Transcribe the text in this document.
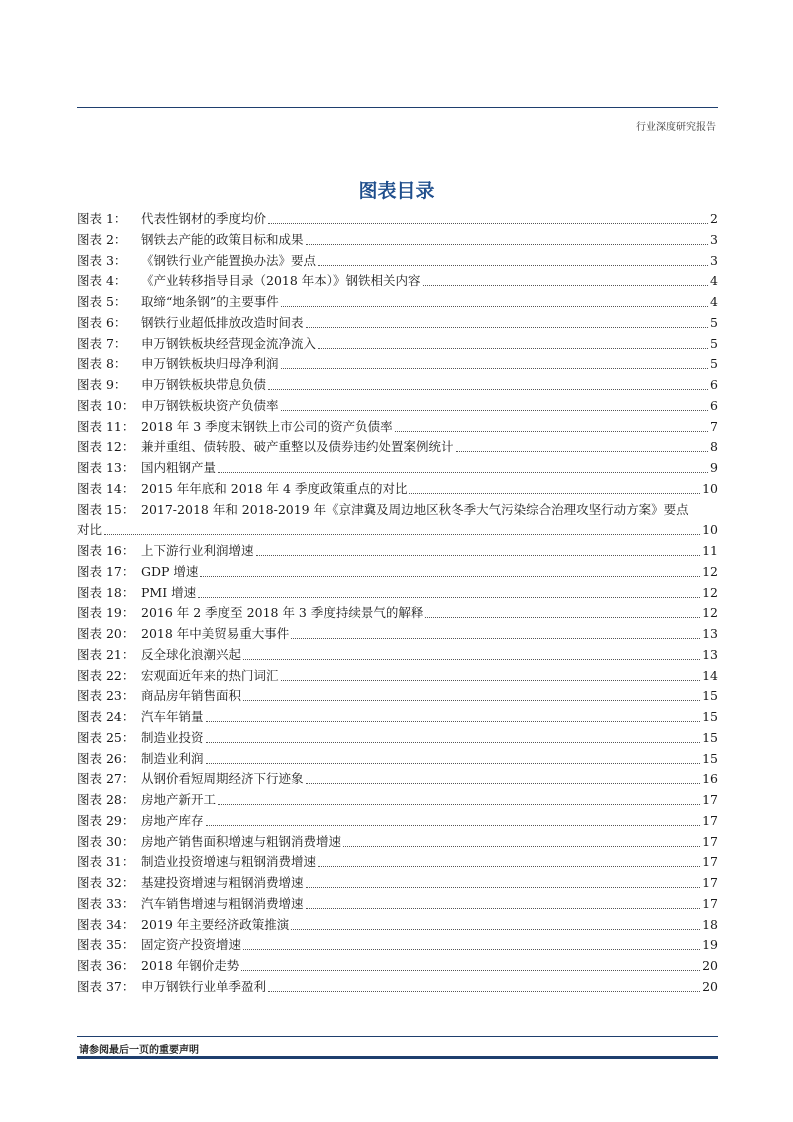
行业深度研究报告
图表目录
图表 1：	代表性钢材的季度均价	2
图表 2：	钢铁去产能的政策目标和成果	3
图表 3：	《钢铁行业产能置换办法》要点	3
图表 4：	《产业转移指导目录（2018 年本）》钢铁相关内容	4
图表 5：	取缔“地条钢”的主要事件	4
图表 6：	钢铁行业超低排放改造时间表	5
图表 7：	申万钢铁板块经营现金流净流入	5
图表 8：	申万钢铁板块归母净利润	5
图表 9：	申万钢铁板块带息负债	6
图表 10： 申万钢铁板块资产负债率	6
图表 11： 2018 年 3 季度末钢铁上市公司的资产负债率	7
图表 12： 兼并重组、债转股、破产重整以及债券违约处置案例统计	8
图表 13： 国内粗钢产量	9
图表 14： 2015 年年底和 2018 年 4 季度政策重点的对比	10
图表 15： 2017-2018 年和 2018-2019 年《京津冀及周边地区秋冬季大气污染综合治理攻坚行动方案》要点
对比	10
图表 16： 上下游行业利润增速	11
图表 17： GDP 增速	12
图表 18： PMI 增速	12
图表 19： 2016 年 2 季度至 2018 年 3 季度持续景气的解释	12
图表 20： 2018 年中美贸易重大事件	13
图表 21： 反全球化浪潮兴起	13
图表 22： 宏观面近年来的热门词汇	14
图表 23： 商品房年销售面积	15
图表 24： 汽车年销量	15
图表 25： 制造业投资	15
图表 26： 制造业利润	15
图表 27： 从钢价看短周期经济下行迹象	16
图表 28： 房地产新开工	17
图表 29： 房地产库存	17
图表 30： 房地产销售面积增速与粗钢消费增速	17
图表 31： 制造业投资增速与粗钢消费增速	17
图表 32： 基建投资增速与粗钢消费增速	17
图表 33： 汽车销售增速与粗钢消费增速	17
图表 34： 2019 年主要经济政策推演	18
图表 35： 固定资产投资增速	19
图表 36： 2018 年钢价走势	20
图表 37： 申万钢铁行业单季盈利	20
请参阅最后一页的重要声明
